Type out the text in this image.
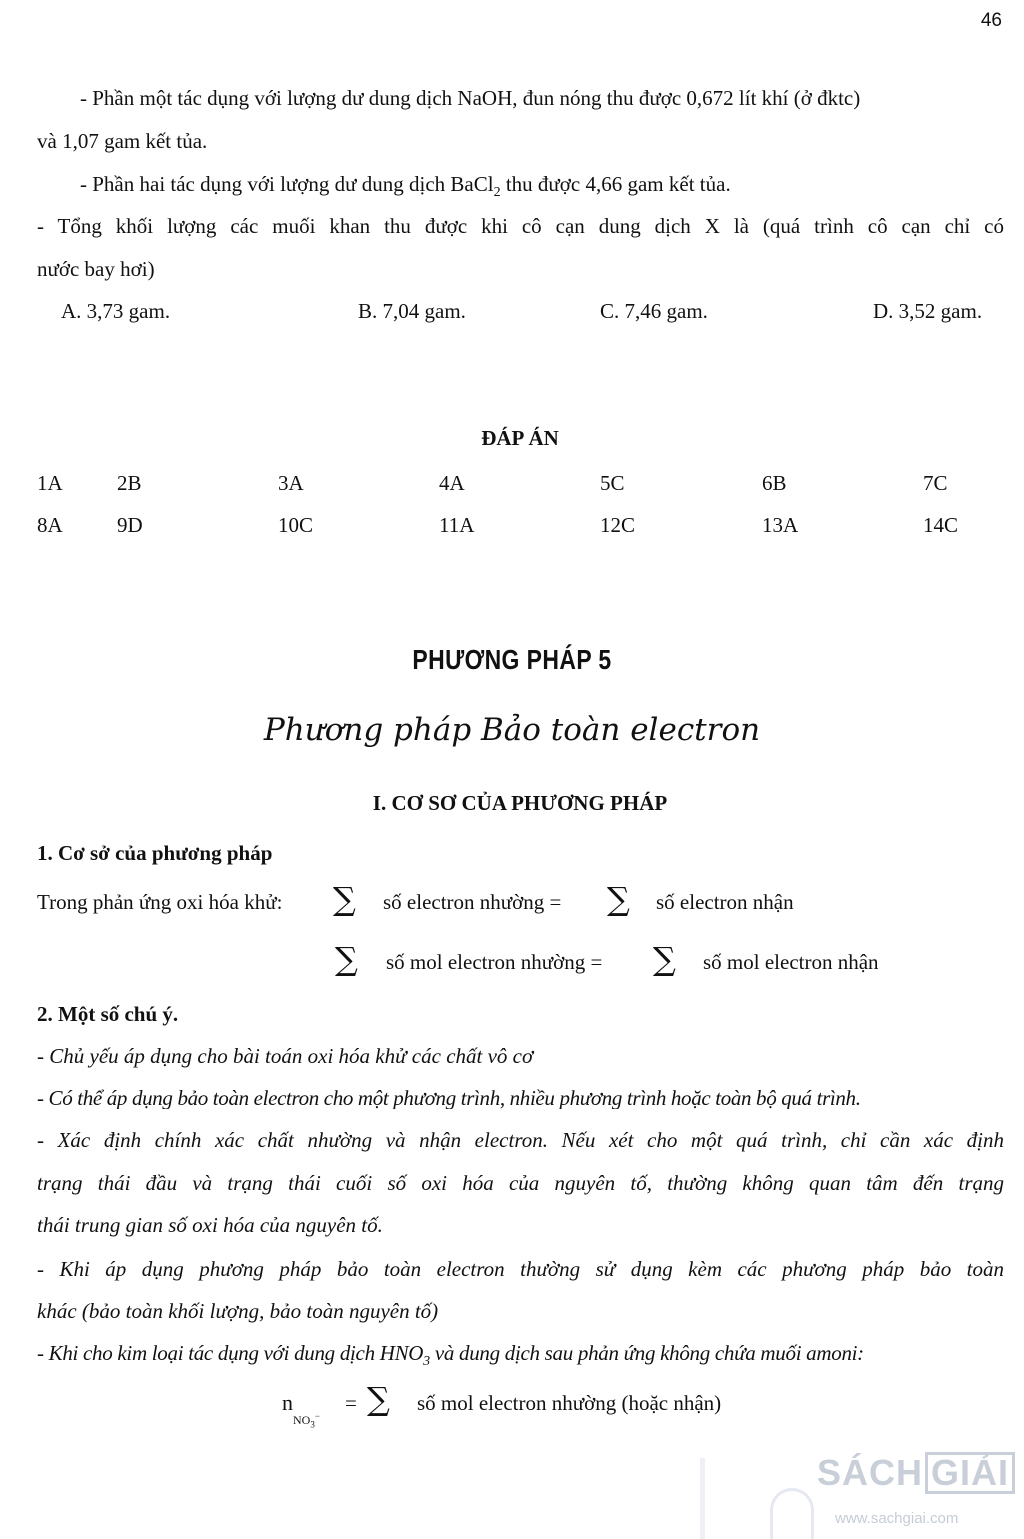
46
- Phần một tác dụng với lượng dư dung dịch NaOH, đun nóng thu được 0,672 lít khí (ở đktc)
và 1,07 gam kết tủa.
- Phần hai tác dụng với lượng dư dung dịch BaCl$_2$ thu được 4,66 gam kết tủa.
- Tổng khối lượng các muối khan thu được khi cô cạn dung dịch X là (quá trình cô cạn chỉ có
nước bay hơi)
A. 3,73 gam.	B. 7,04 gam.	C. 7,46 gam.	D. 3,52 gam.
ĐÁP ÁN
1A	2B	3A	4A	5C	6B	7C
8A	9D	10C	11A	12C	13A	14C
PHƯƠNG PHÁP 5
Phương pháp Bảo toàn electron
I. CƠ SƠ CỦA PHƯƠNG PHÁP
1. Cơ sở của phương pháp
Trong phản ứng oxi hóa khử: ∑ số electron nhường = ∑ số electron nhận
∑ số mol electron nhường = ∑ số mol electron nhận
2. Một số chú ý.
- Chủ yếu áp dụng cho bài toán oxi hóa khử các chất vô cơ
- Có thể áp dụng bảo toàn electron cho một phương trình, nhiều phương trình hoặc toàn bộ quá trình.
- Xác định chính xác chất nhường và nhận electron. Nếu xét cho một quá trình, chỉ cần xác định
trạng thái đầu và trạng thái cuối số oxi hóa của nguyên tố, thường không quan tâm đến trạng
thái trung gian số oxi hóa của nguyên tố.
- Khi áp dụng phương pháp bảo toàn electron thường sử dụng kèm các phương pháp bảo toàn
khác (bảo toàn khối lượng, bảo toàn nguyên tố)
- Khi cho kim loại tác dụng với dung dịch $HNO_3$ và dung dịch sau phản ứng không chứa muối amoni:
$n_{NO_3^-}$
= ∑ số mol electron nhường (hoặc nhận)
SÁCH GIẢI
www.sachgiai.com
